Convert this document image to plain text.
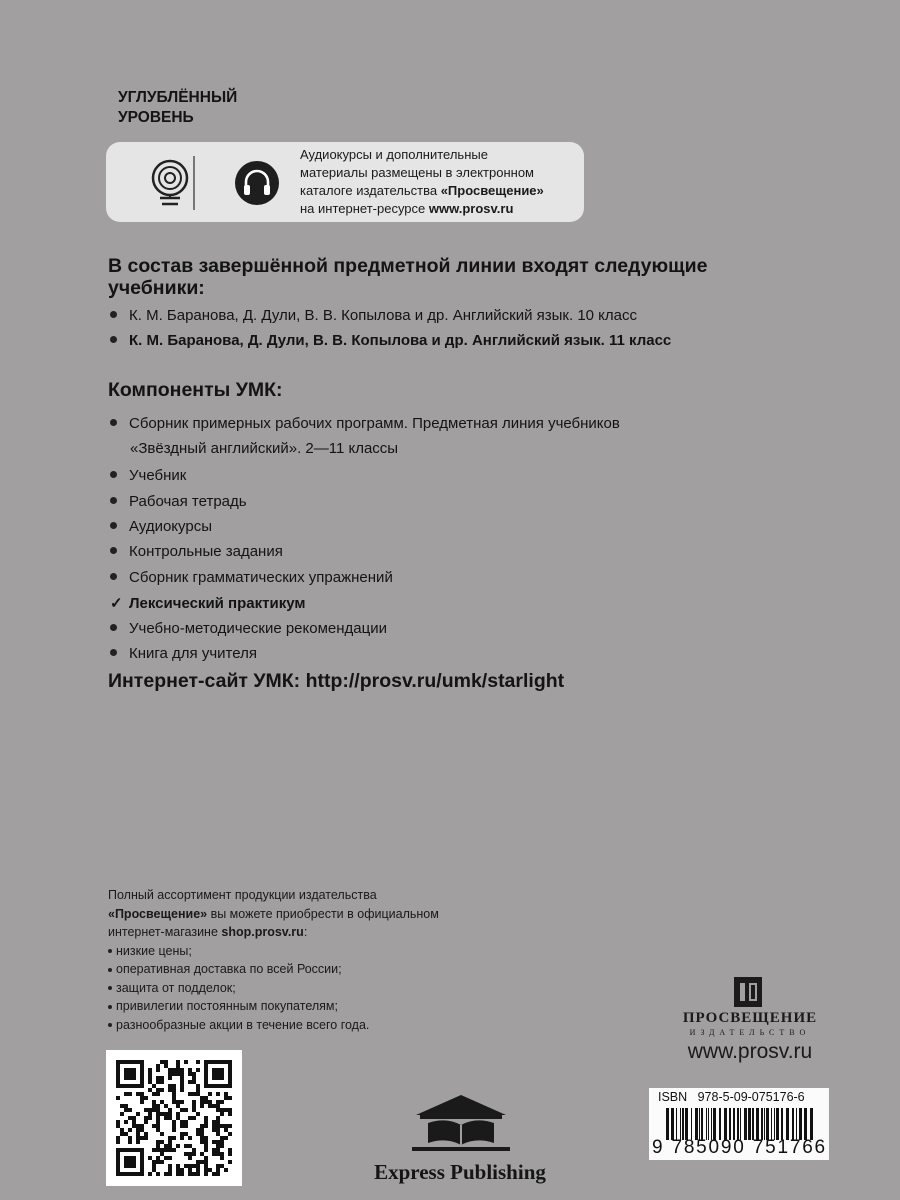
УГЛУБЛЁННЫЙ
УРОВЕНЬ
Аудиокурсы и дополнительные
материалы размещены в электронном
каталоге издательства «Просвещение»
на интернет-ресурсе www.prosv.ru
В состав завершённой предметной линии входят следующие
учебники:
К. М. Баранова, Д. Дули, В. В. Копылова и др. Английский язык. 10 класс
К. М. Баранова, Д. Дули, В. В. Копылова и др. Английский язык. 11 класс
Компоненты УМК:
Сборник примерных рабочих программ. Предметная линия учебников
«Звёздный английский». 2—11 классы
Учебник
Рабочая тетрадь
Аудиокурсы
Контрольные задания
Сборник грамматических упражнений
✓ Лексический практикум
Учебно-методические рекомендации
Книга для учителя
Интернет-сайт УМК: http://prosv.ru/umk/starlight
Полный ассортимент продукции издательства
«Просвещение» вы можете приобрести в официальном
интернет-магазине shop.prosv.ru:
низкие цены;
оперативная доставка по всей России;
защита от подделок;
привилегии постоянным покупателям;
разнообразные акции в течение всего года.
Express Publishing
ПРОСВЕЩЕНИЕ
ИЗДАТЕЛЬСТВО
www.prosv.ru
ISBN 978-5-09-075176-6
9 785090 751766
